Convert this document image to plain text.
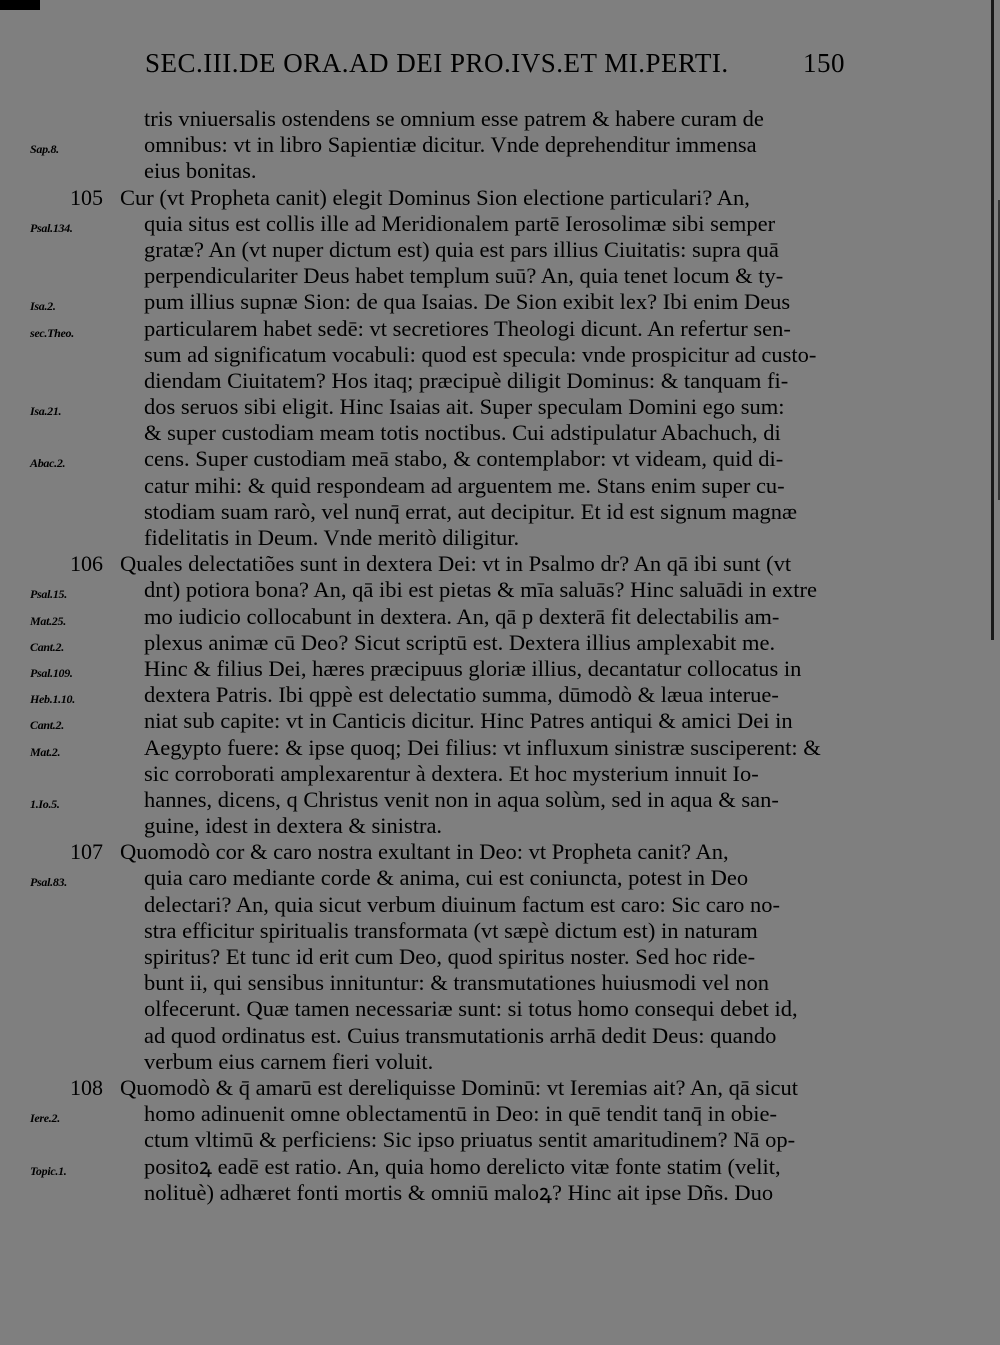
SEC.III.DE ORA.AD DEI PRO.IVS.ET MI.PERTI.	150
tris vniuersalis ostendens se omnium esse patrem & habere curam de
Sap.8.	omnibus: vt in libro Sapientiæ dicitur. Vnde deprehenditur immensa
eius bonitas.
105 Cur (vt Propheta canit) elegit Dominus Sion electione particulari? An,
Psal.134.	quia situs est collis ille ad Meridionalem partē Ierosolimæ sibi semper
gratæ? An (vt nuper dictum est) quia est pars illius Ciuitatis: supra quā
perpendiculariter Deus habet templum suū? An, quia tenet locum & ty-
Isa.2.	pum illius supnæ Sion: de qua Isaias. De Sion exibit lex? Ibi enim Deus
sec.Theo.	particularem habet sedē: vt secretiores Theologi dicunt. An refertur sen-
sum ad significatum vocabuli: quod est specula: vnde prospicitur ad custo-
diendam Ciuitatem? Hos itaq; præcipuè diligit Dominus: & tanquam fi-
Isa.21.	dos seruos sibi eligit. Hinc Isaias ait. Super speculam Domini ego sum:
& super custodiam meam totis noctibus. Cui adstipulatur Abachuch, di
Abac.2.	cens. Super custodiam meā stabo, & contemplabor: vt videam, quid di-
catur mihi: & quid respondeam ad arguentem me. Stans enim super cu-
stodiam suam rarò, vel nunq̄ errat, aut decipitur. Et id est signum magnæ
fidelitatis in Deum. Vnde meritò diligitur.
106 Quales delectatiões sunt in dextera Dei: vt in Psalmo dr? An qā ibi sunt (vt
Psal.15.	dnt) potiora bona? An, qā ibi est pietas & mīa saluās? Hinc saluādi in extre
Mat.25.	mo iudicio collocabunt in dextera. An, qā p dexterā fit delectabilis am-
Cant.2.	plexus animæ cū Deo? Sicut scriptū est. Dextera illius amplexabit me.
Psal.109.	Hinc & filius Dei, hæres præcipuus gloriæ illius, decantatur collocatus in
Heb.1.10.	dextera Patris. Ibi qppè est delectatio summa, dūmodò & læua interue-
Cant.2.	niat sub capite: vt in Canticis dicitur. Hinc Patres antiqui & amici Dei in
Mat.2.	Aegypto fuere: & ipse quoq; Dei filius: vt influxum sinistræ susciperent: &
sic corroborati amplexarentur à dextera. Et hoc mysterium innuit Io-
1.Io.5.	hannes, dicens, q Christus venit non in aqua solùm, sed in aqua & san-
guine, idest in dextera & sinistra.
107 Quomodò cor & caro nostra exultant in Deo: vt Propheta canit? An,
Psal.83.	quia caro mediante corde & anima, cui est coniuncta, potest in Deo
delectari? An, quia sicut verbum diuinum factum est caro: Sic caro no-
stra efficitur spiritualis transformata (vt sæpè dictum est) in naturam
spiritus? Et tunc id erit cum Deo, quod spiritus noster. Sed hoc ride-
bunt ii, qui sensibus innituntur: & transmutationes huiusmodi vel non
olfecerunt. Quæ tamen necessariæ sunt: si totus homo consequi debet id,
ad quod ordinatus est. Cuius transmutationis arrhā dedit Deus: quando
verbum eius carnem fieri voluit.
108 Quomodò & q̄ amarū est dereliquisse Dominū: vt Ieremias ait? An, qā sicut
Iere.2.	homo adinuenit omne oblectamentū in Deo: in quē tendit tanq̄ in obie-
ctum vltimū & perficiens: Sic ipso priuatus sentit amaritudinem? Nā op-
Topic.1.	positoꝝ eadē est ratio. An, quia homo derelicto vitæ fonte statim (velit,
nolituè) adhæret fonti mortis & omniū maloꝝ? Hinc ait ipse Dñs. Duo
